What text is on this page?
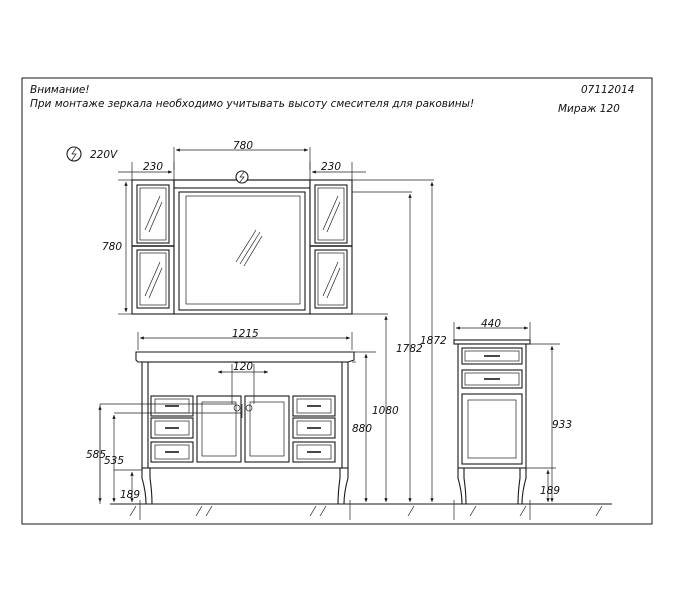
Внимание!
При монтаже зеркала необходимо учитывать высоту смесителя для раковины!
07112014
Мираж 120
220V
780
230	230
780
1215
120
585
535
189
880
1080
1782
1872
440
933
189
